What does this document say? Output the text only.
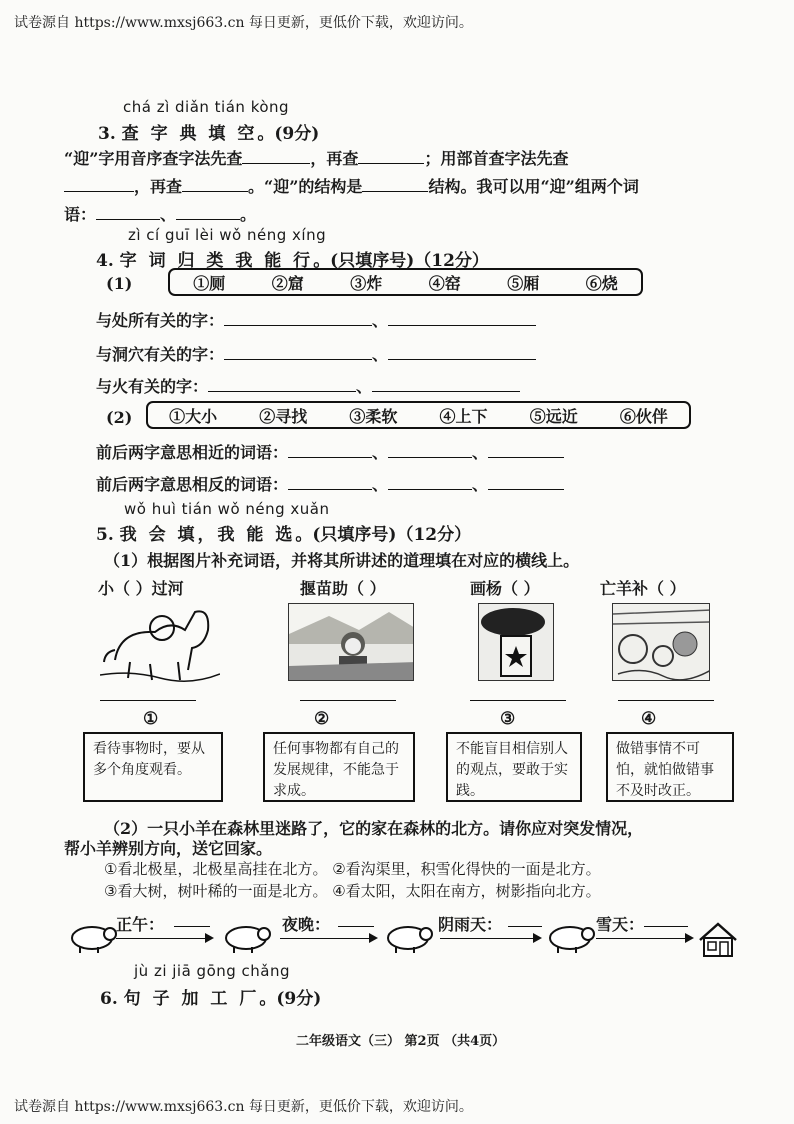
试卷源自 https://www.mxsj663.cn 每日更新，更低价下载，欢迎访问。
chá zì diǎn tián kòng
3. 查 字 典 填 空。(9分)
“迎”字用音序查字法先查	，再查	；用部首查字法先查
，再查	。“迎”的结构是	结构。我可以用“迎”组两个词
语：	、	。
zì cí guī lèi wǒ néng xíng
4. 字 词 归 类 我 能 行。(只填序号)（12分）
(1)	①厕	②窟	③炸	④窑	⑤厢	⑥烧
与处所有关的字：	、
与洞穴有关的字：	、
与火有关的字：	、
(2) ①大小	②寻找	③柔软	④上下	⑤远近	⑥伙伴
前后两字意思相近的词语：	、	、
前后两字意思相反的词语：	、	、
wǒ huì tián wǒ néng xuǎn
5. 我 会 填，我 能 选。(只填序号)（12分）
（1）根据图片补充词语，并将其所讲述的道理填在对应的横线上。
小（ ）过河	揠苗助（ ）	画杨（ ）	亡羊补（ ）
①	②	③	④
看待事物时，要从多个角度观看。
任何事物都有自己的发展规律，不能急于求成。
不能盲目相信别人的观点，要敢于实践。
做错事情不可怕，就怕做错事不及时改正。
（2）一只小羊在森林里迷路了，它的家在森林的北方。请你应对突发情况，
帮小羊辨别方向，送它回家。
①看北极星，北极星高挂在北方。 ②看沟渠里，积雪化得快的一面是北方。
③看大树，树叶稀的一面是北方。 ④看太阳，太阳在南方，树影指向北方。
正午：	夜晚：	阴雨天：	雪天：
jù zi jiā gōng chǎng
6. 句 子 加 工 厂。(9分)
二年级语文（三） 第2页 （共4页）
试卷源自 https://www.mxsj663.cn 每日更新，更低价下载，欢迎访问。
